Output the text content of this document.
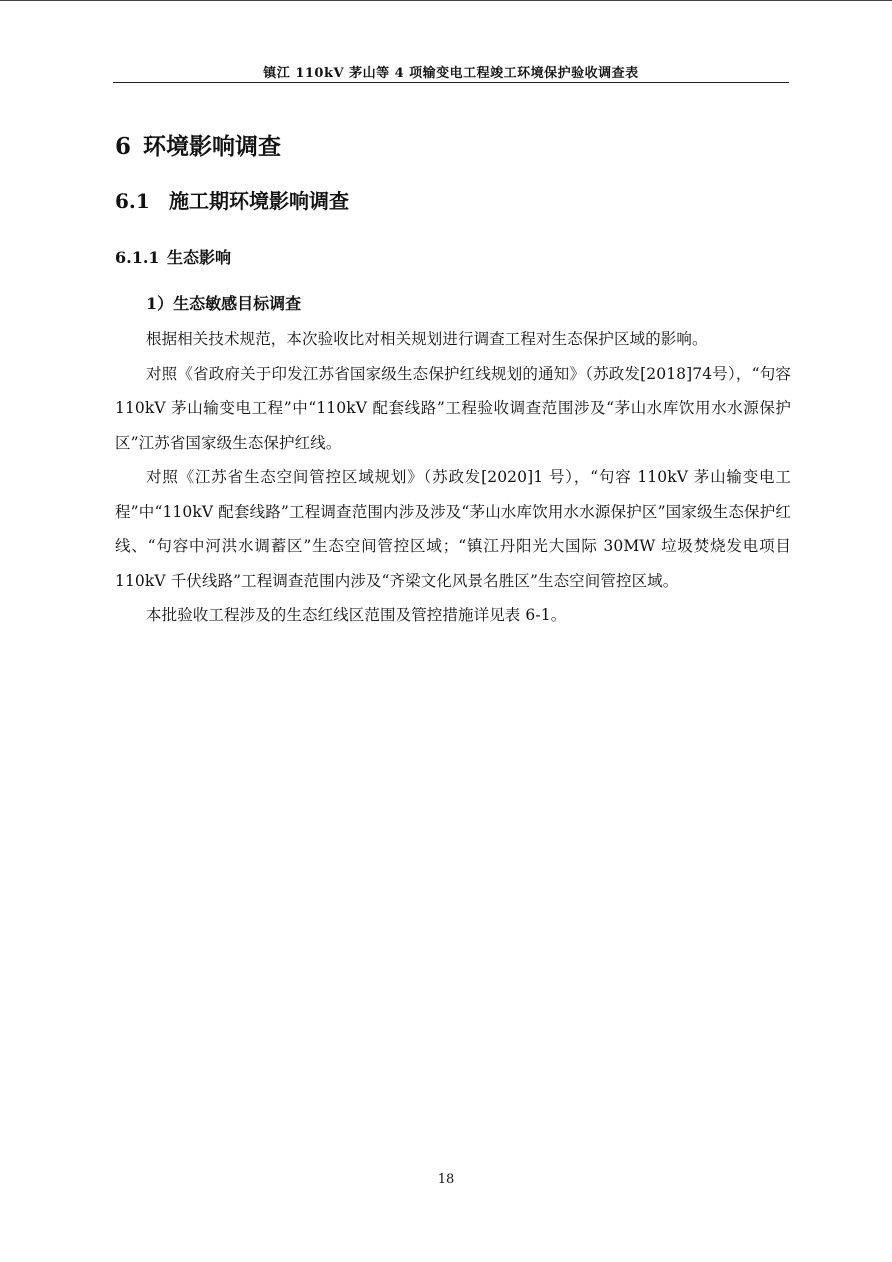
镇江 110kV 茅山等 4 项输变电工程竣工环境保护验收调查表
6 环境影响调查
6.1 施工期环境影响调查
6.1.1 生态影响
1）生态敏感目标调查

根据相关技术规范，本次验收比对相关规划进行调查工程对生态保护区域的影响。

对照《省政府关于印发江苏省国家级生态保护红线规划的通知》（苏政发[2018]74号），“句容 110kV 茅山输变电工程”中“110kV 配套线路”工程验收调查范围涉及“茅山水库饮用水水源保护区”江苏省国家级生态保护红线。

对照《江苏省生态空间管控区域规划》（苏政发[2020]1 号），“句容 110kV 茅山输变电工程”中“110kV 配套线路”工程调查范围内涉及涉及“茅山水库饮用水水源保护区”国家级生态保护红线、“句容中河洪水调蓄区”生态空间管控区域；“镇江丹阳光大国际 30MW 垃圾焚烧发电项目 110kV 千伏线路”工程调查范围内涉及“齐梁文化风景名胜区”生态空间管控区域。

本批验收工程涉及的生态红线区范围及管控措施详见表 6-1。

18
